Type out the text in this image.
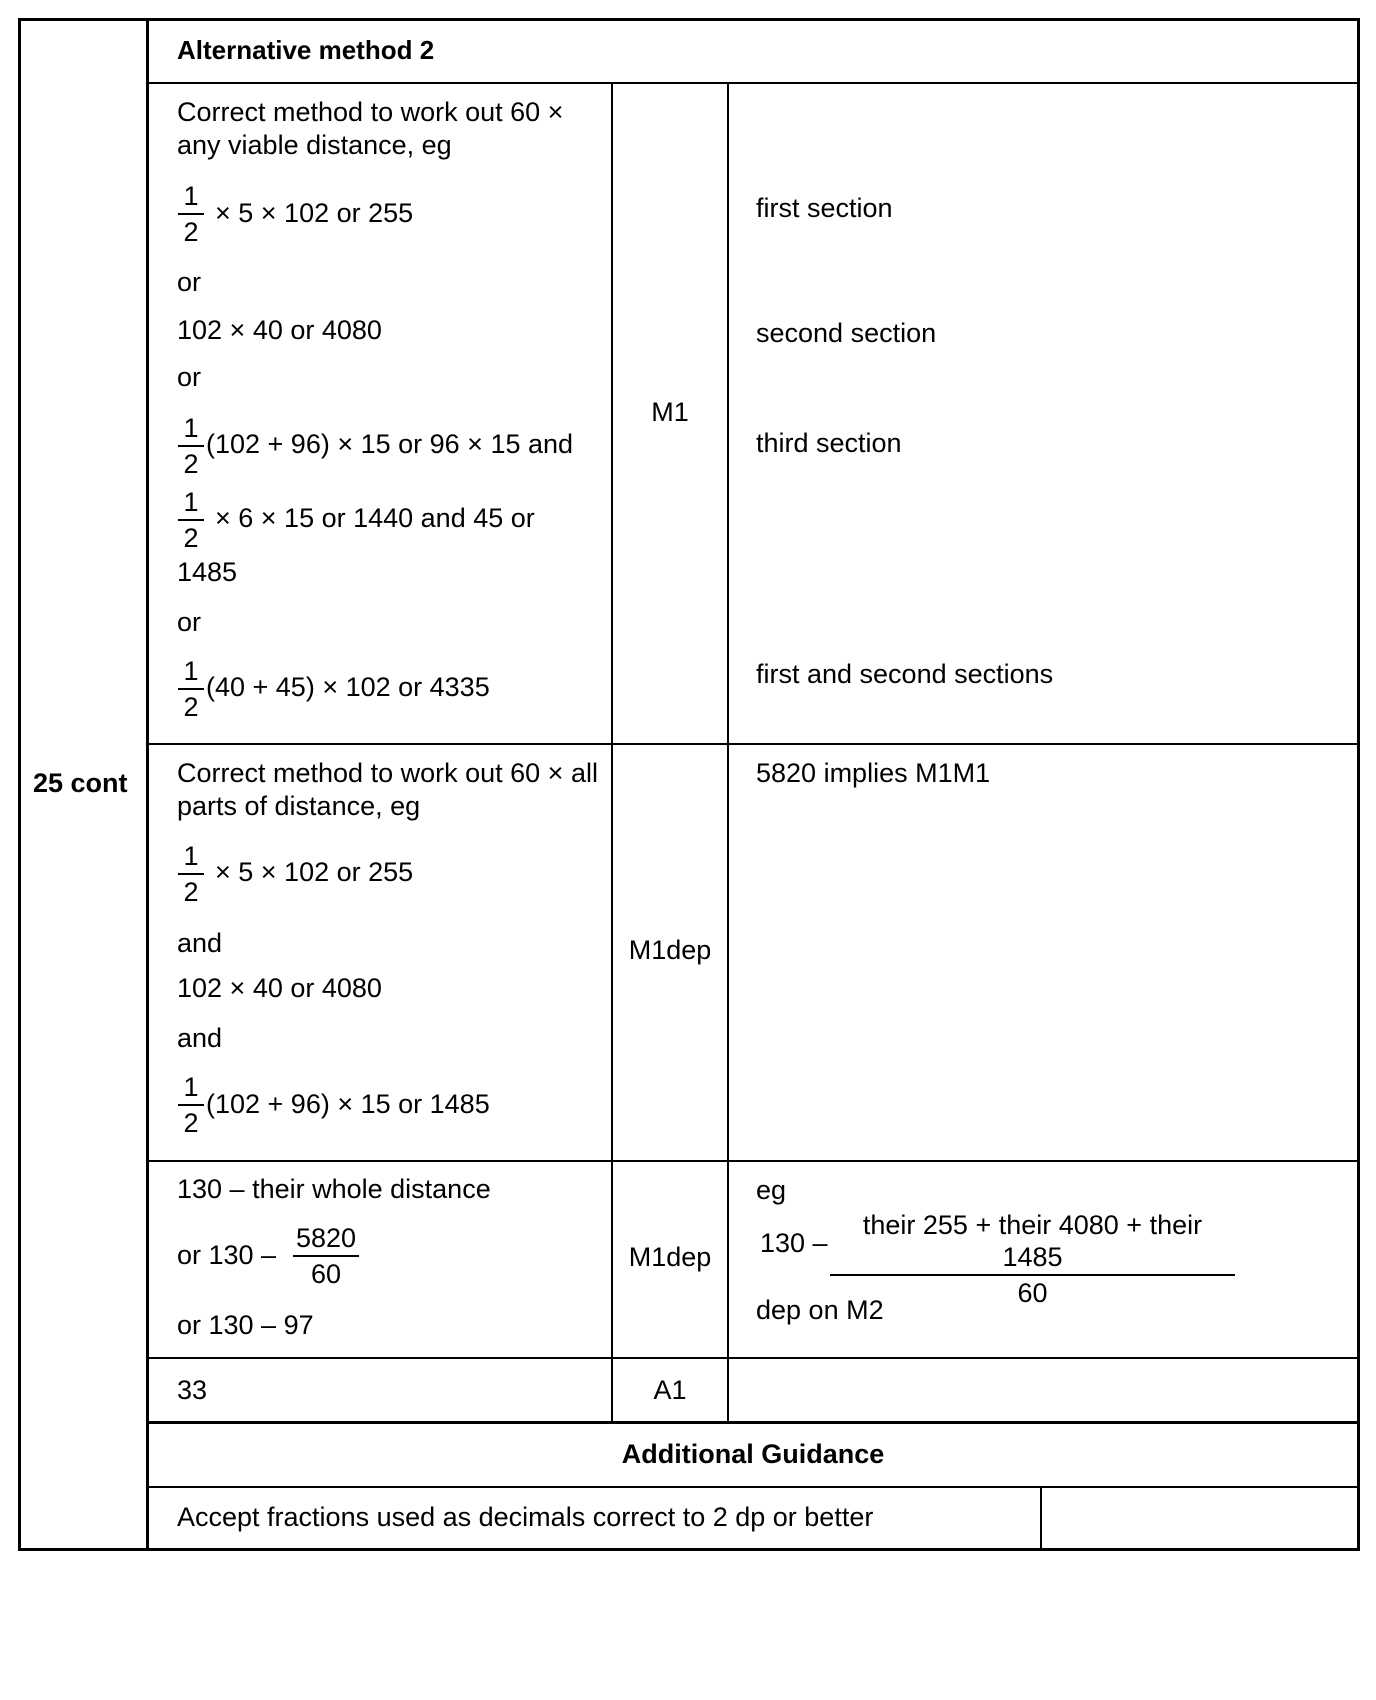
25 cont
Alternative method 2
Correct method to work out 60 ×
any viable distance, eg
1
2
× 5 × 102 or 255
or
102 × 40 or 4080
or
1
2
(102 + 96) × 15 or 96 × 15 and
1
2
× 6 × 15 or 1440 and 45 or
1485
or
1
2
(40 + 45) × 102 or 4335
M1
first section
second section
third section
first and second sections
Correct method to work out 60 × all
parts of distance, eg
1
2
× 5 × 102 or 255
and
102 × 40 or 4080
and
1
2
(102 + 96) × 15 or 1485
M1dep
5820 implies M1M1
130 – their whole distance
or 130 –
5820
60
or 130 – 97
M1dep
eg
130 –
their 255 + their 4080 + their 1485
60
dep on M2
33	A1
Additional Guidance
Accept fractions used as decimals correct to 2 dp or better
